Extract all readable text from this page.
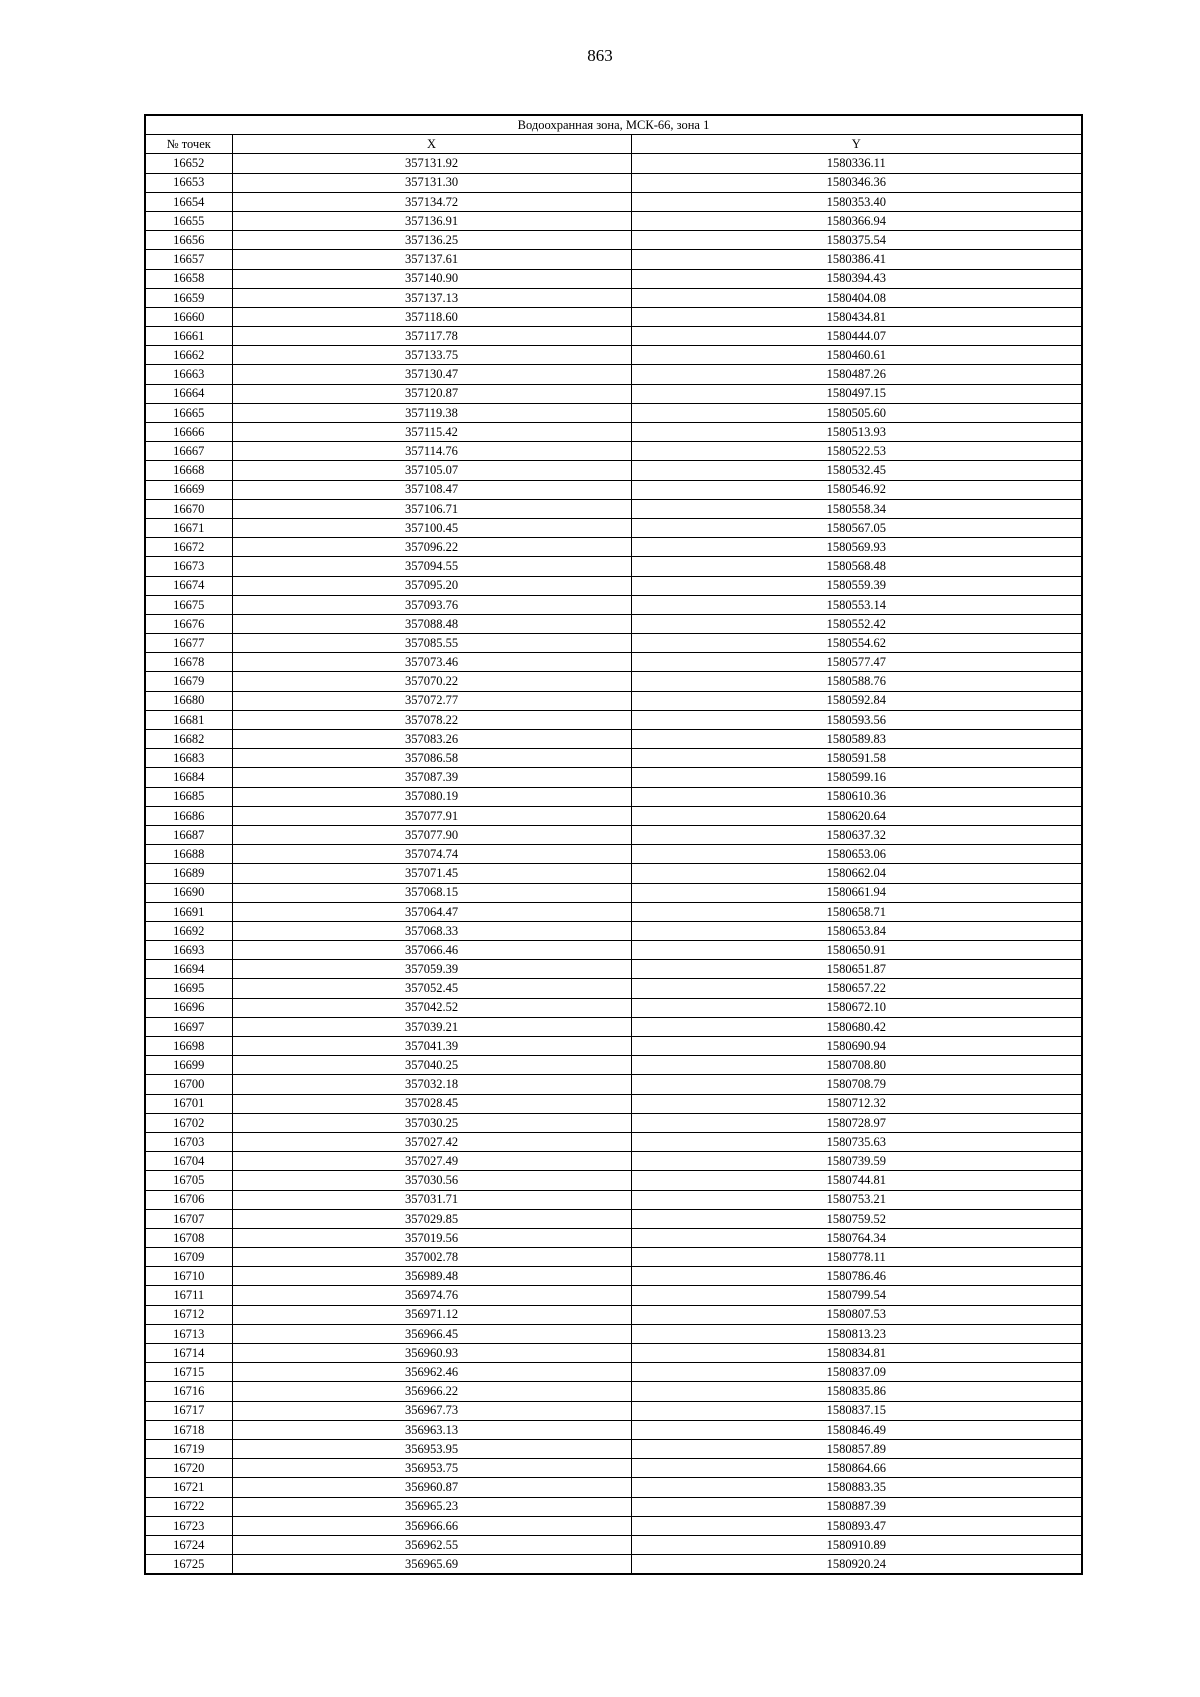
863
Водоохранная зона, МСК-66, зона 1		
№ точек	X	Y
16652	357131.92	1580336.11
16653	357131.30	1580346.36
16654	357134.72	1580353.40
16655	357136.91	1580366.94
16656	357136.25	1580375.54
16657	357137.61	1580386.41
16658	357140.90	1580394.43
16659	357137.13	1580404.08
16660	357118.60	1580434.81
16661	357117.78	1580444.07
16662	357133.75	1580460.61
16663	357130.47	1580487.26
16664	357120.87	1580497.15
16665	357119.38	1580505.60
16666	357115.42	1580513.93
16667	357114.76	1580522.53
16668	357105.07	1580532.45
16669	357108.47	1580546.92
16670	357106.71	1580558.34
16671	357100.45	1580567.05
16672	357096.22	1580569.93
16673	357094.55	1580568.48
16674	357095.20	1580559.39
16675	357093.76	1580553.14
16676	357088.48	1580552.42
16677	357085.55	1580554.62
16678	357073.46	1580577.47
16679	357070.22	1580588.76
16680	357072.77	1580592.84
16681	357078.22	1580593.56
16682	357083.26	1580589.83
16683	357086.58	1580591.58
16684	357087.39	1580599.16
16685	357080.19	1580610.36
16686	357077.91	1580620.64
16687	357077.90	1580637.32
16688	357074.74	1580653.06
16689	357071.45	1580662.04
16690	357068.15	1580661.94
16691	357064.47	1580658.71
16692	357068.33	1580653.84
16693	357066.46	1580650.91
16694	357059.39	1580651.87
16695	357052.45	1580657.22
16696	357042.52	1580672.10
16697	357039.21	1580680.42
16698	357041.39	1580690.94
16699	357040.25	1580708.80
16700	357032.18	1580708.79
16701	357028.45	1580712.32
16702	357030.25	1580728.97
16703	357027.42	1580735.63
16704	357027.49	1580739.59
16705	357030.56	1580744.81
16706	357031.71	1580753.21
16707	357029.85	1580759.52
16708	357019.56	1580764.34
16709	357002.78	1580778.11
16710	356989.48	1580786.46
16711	356974.76	1580799.54
16712	356971.12	1580807.53
16713	356966.45	1580813.23
16714	356960.93	1580834.81
16715	356962.46	1580837.09
16716	356966.22	1580835.86
16717	356967.73	1580837.15
16718	356963.13	1580846.49
16719	356953.95	1580857.89
16720	356953.75	1580864.66
16721	356960.87	1580883.35
16722	356965.23	1580887.39
16723	356966.66	1580893.47
16724	356962.55	1580910.89
16725	356965.69	1580920.24
